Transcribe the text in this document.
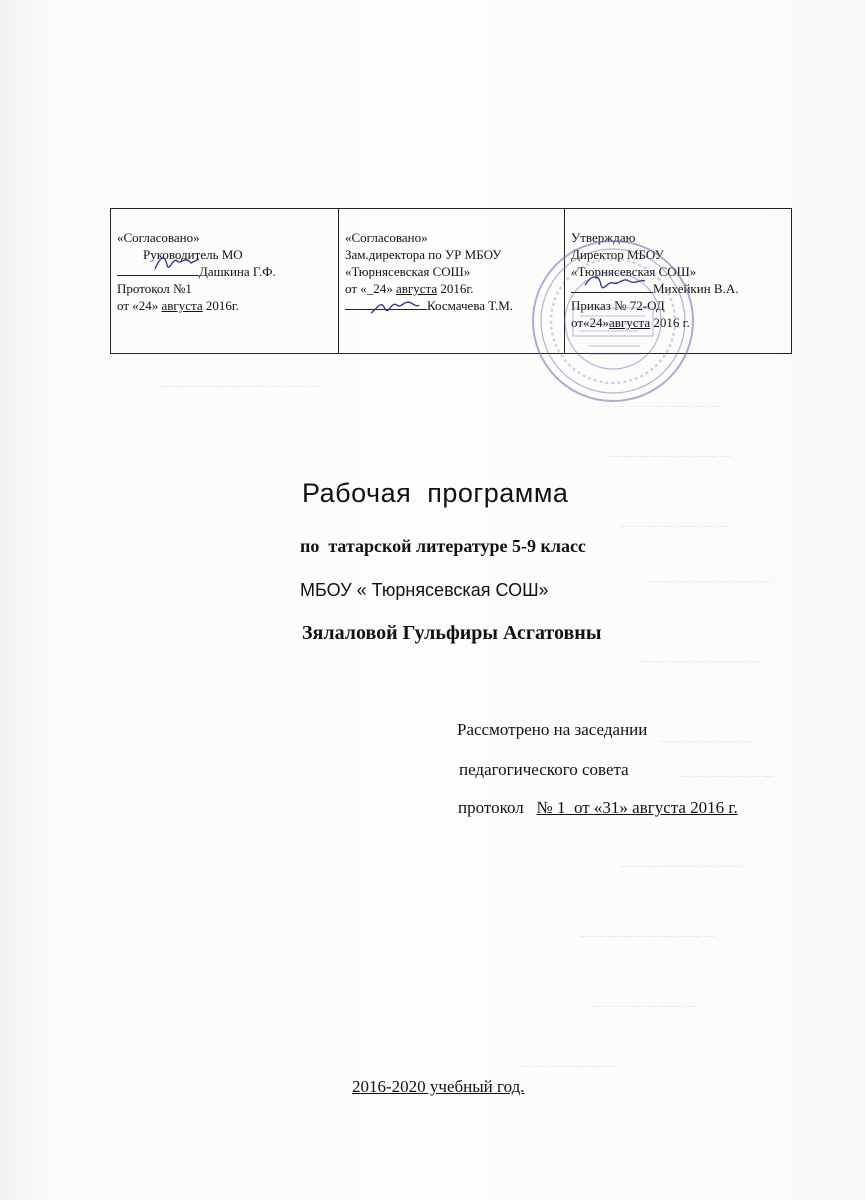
— — — — — — — — — — — —
— — — — — — — — —
— — — — — — — — —
— — — — — — — —
— — — — — — — — —
— — — — — — — — —
— — — — — — —
— — — — — — —
— — — — — — — — —
— — — — — — — — — —
— — — — — — — —
— — — — — — —
«Согласовано»
Руководитель МО
Дашкина Г.Ф.
Протокол №1
от «24» августа 2016г.
«Согласовано»
Зам.директора по УР МБОУ
«Тюрнясевская СОШ»
от «_24» августа 2016г.
Космачева Т.М.
Утверждаю
Директор МБОУ
«Тюрнясевская СОШ»
Михейкин В.А.
Приказ № 72-ОД
от«24»августа 2016 г.
Рабочая  программа
по  татарской литературе 5-9 класс
МБОУ « Тюрнясевская СОШ»
Зялаловой Гульфиры Асгатовны
Рассмотрено на заседании
педагогического совета
протокол   № 1  от «31» августа 2016 г.
2016-2020 учебный год.
